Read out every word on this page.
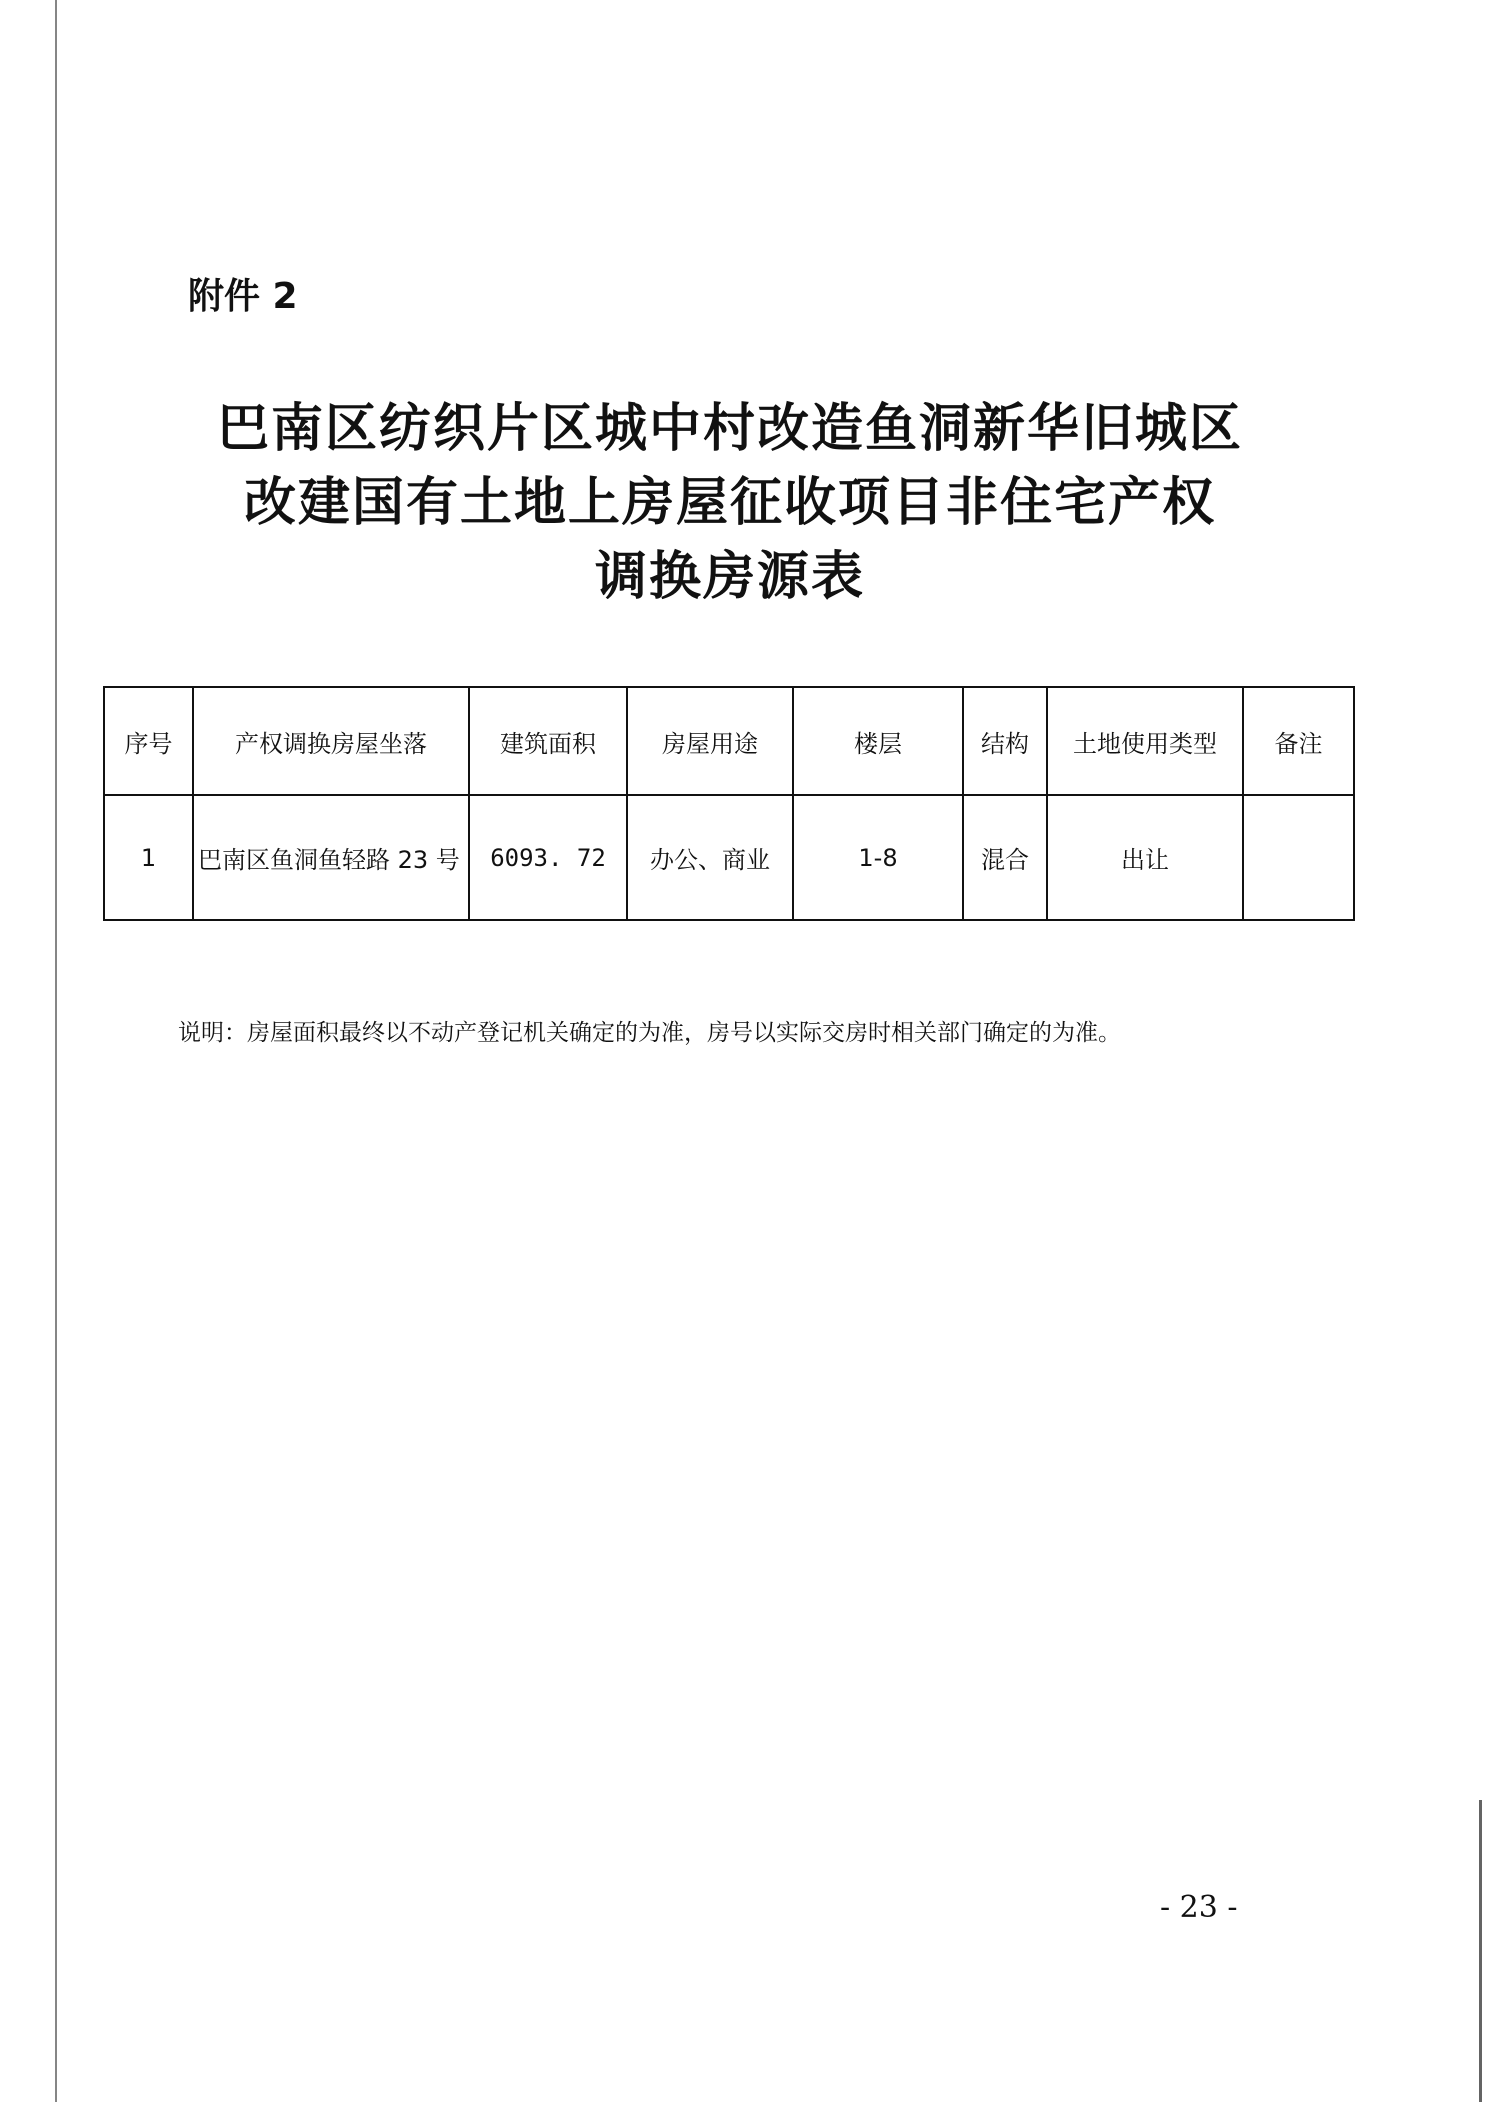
附件 2
巴南区纺织片区城中村改造鱼洞新华旧城区
改建国有土地上房屋征收项目非住宅产权
调换房源表
序号	产权调换房屋坐落	建筑面积	房屋用途	楼层	结构	土地使用类型	备注
1	巴南区鱼洞鱼轻路 23 号	6093. 72	办公、商业	1-8	混合	出让	
说明：房屋面积最终以不动产登记机关确定的为准，房号以实际交房时相关部门确定的为准。
- 23 -
